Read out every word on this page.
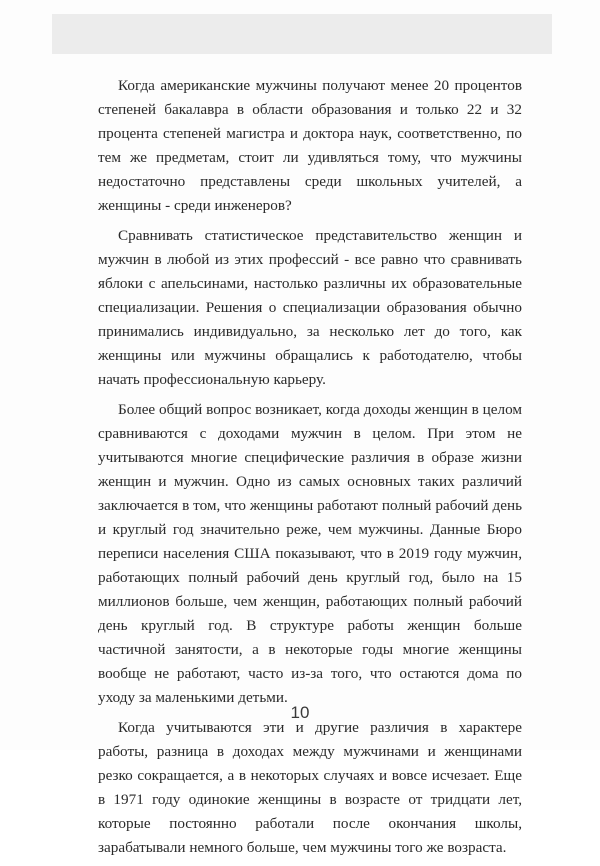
Когда американские мужчины получают менее 20 процентов степеней бакалавра в области образования и только 22 и 32 процента степеней магистра и доктора наук, соответственно, по тем же предметам, стоит ли удивляться тому, что мужчины недостаточно представлены среди школьных учителей, а женщины - среди инженеров?

Сравнивать статистическое представительство женщин и мужчин в любой из этих профессий - все равно что сравнивать яблоки с апельсинами, настолько различны их образовательные специализации. Решения о специализации образования обычно принимались индивидуально, за несколько лет до того, как женщины или мужчины обращались к работодателю, чтобы начать профессиональную карьеру.

Более общий вопрос возникает, когда доходы женщин в целом сравниваются с доходами мужчин в целом. При этом не учитываются многие специфические различия в образе жизни женщин и мужчин. Одно из самых основных таких различий заключается в том, что женщины работают полный рабочий день и круглый год значительно реже, чем мужчины. Данные Бюро переписи населения США показывают, что в 2019 году мужчин, работающих полный рабочий день круглый год, было на 15 миллионов больше, чем женщин, работающих полный рабочий день круглый год. В структуре работы женщин больше частичной занятости, а в некоторые годы многие женщины вообще не работают, часто из-за того, что остаются дома по уходу за маленькими детьми.

Когда учитываются эти и другие различия в характере работы, разница в доходах между мужчинами и женщинами резко сокращается, а в некоторых случаях и вовсе исчезает. Еще в 1971 году одинокие женщины в возрасте от тридцати лет, которые постоянно работали после окончания школы, зарабатывали немного больше, чем мужчины того же возраста.

10
